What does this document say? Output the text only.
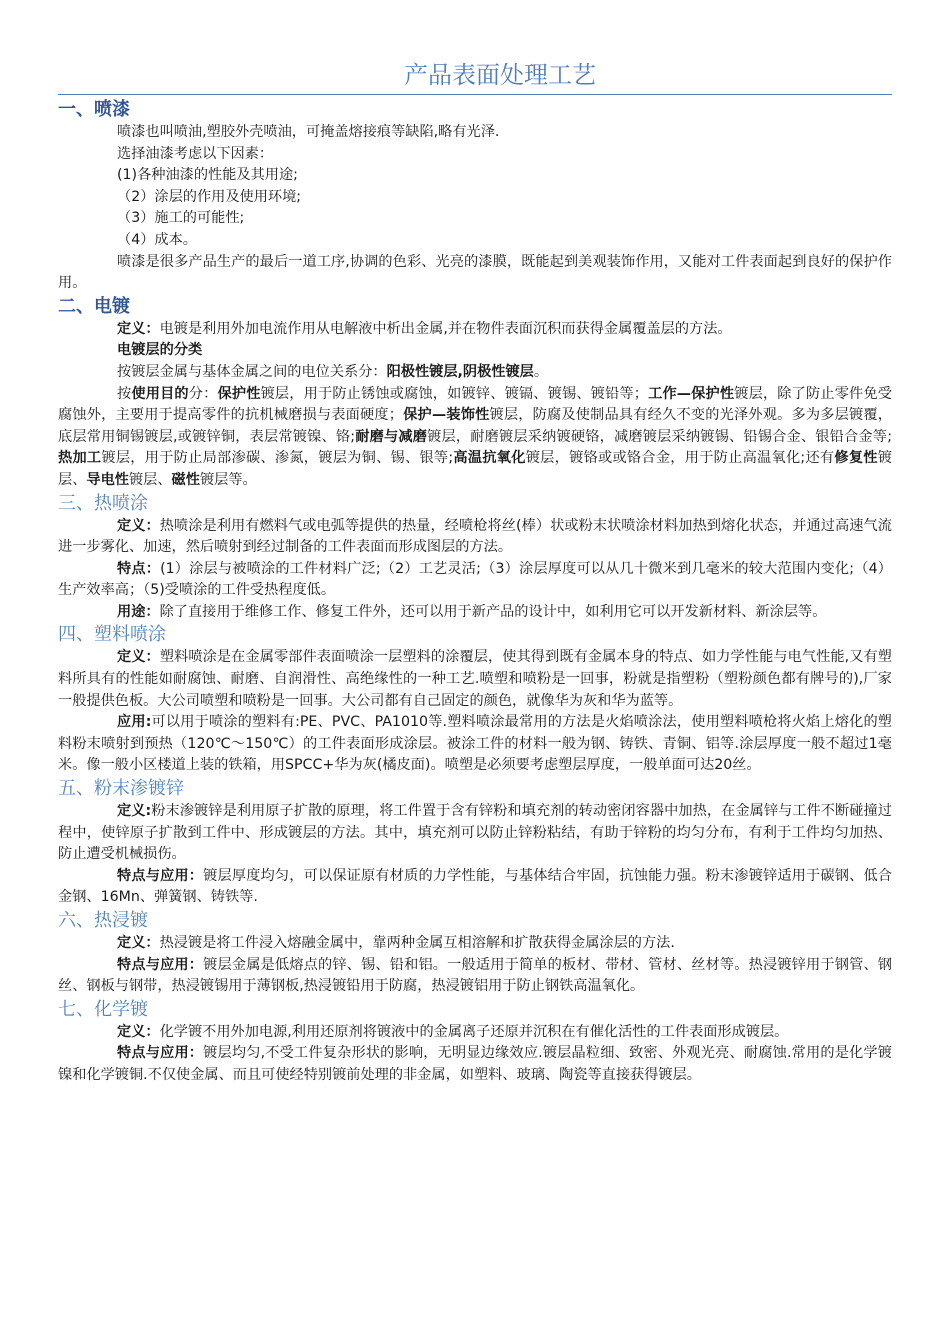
产品表面处理工艺
一、喷漆

喷漆也叫喷油,塑胶外壳喷油，可掩盖熔接痕等缺陷,略有光泽.

选择油漆考虑以下因素：

(1)各种油漆的性能及其用途;

（2）涂层的作用及使用环境;

（3）施工的可能性;

（4）成本。

喷漆是很多产品生产的最后一道工序,协调的色彩、光亮的漆膜，既能起到美观装饰作用，又能对工件表面起到良好的保护作用。

二、电镀

定义：电镀是利用外加电流作用从电解液中析出金属,并在物件表面沉积而获得金属覆盖层的方法。

电镀层的分类

按镀层金属与基体金属之间的电位关系分：阳极性镀层,阴极性镀层。

按使用目的分：保护性镀层，用于防止锈蚀或腐蚀，如镀锌、镀镉、镀锡、镀铅等；工作—保护性镀层，除了防止零件免受腐蚀外，主要用于提高零件的抗机械磨损与表面硬度；保护—装饰性镀层，防腐及使制品具有经久不变的光泽外观。多为多层镀覆，底层常用铜锡镀层,或镀锌铜，表层常镀镍、铬;耐磨与减磨镀层，耐磨镀层采纳镀硬铬，减磨镀层采纳镀锡、铅锡合金、银铅合金等;热加工镀层，用于防止局部渗碳、渗氮，镀层为铜、锡、银等;高温抗氧化镀层，镀铬或或铬合金，用于防止高温氧化;还有修复性镀层、导电性镀层、磁性镀层等。

三、热喷涂

定义：热喷涂是利用有燃料气或电弧等提供的热量，经喷枪将丝(棒）状或粉末状喷涂材料加热到熔化状态，并通过高速气流进一步雾化、加速，然后喷射到经过制备的工件表面而形成图层的方法。

特点：(1）涂层与被喷涂的工件材料广泛;（2）工艺灵活;（3）涂层厚度可以从几十微米到几毫米的较大范围内变化;（4）生产效率高；（5)受喷涂的工件受热程度低。

用途：除了直接用于维修工作、修复工件外，还可以用于新产品的设计中，如利用它可以开发新材料、新涂层等。

四、塑料喷涂

定义：塑料喷涂是在金属零部件表面喷涂一层塑料的涂覆层，使其得到既有金属本身的特点、如力学性能与电气性能,又有塑料所具有的性能如耐腐蚀、耐磨、自润滑性、高绝缘性的一种工艺.喷塑和喷粉是一回事，粉就是指塑粉（塑粉颜色都有牌号的),厂家一般提供色板。大公司喷塑和喷粉是一回事。大公司都有自己固定的颜色，就像华为灰和华为蓝等。

应用:可以用于喷涂的塑料有:PE、PVC、PA1010等.塑料喷涂最常用的方法是火焰喷涂法，使用塑料喷枪将火焰上熔化的塑料粉末喷射到预热（120℃～150℃）的工件表面形成涂层。被涂工件的材料一般为钢、铸铁、青铜、铝等.涂层厚度一般不超过1毫米。像一般小区楼道上装的铁箱，用SPCC+华为灰(橘皮面)。喷塑是必须要考虑塑层厚度，一般单面可达20丝。

五、粉末渗镀锌

定义:粉末渗镀锌是利用原子扩散的原理，将工件置于含有锌粉和填充剂的转动密闭容器中加热，在金属锌与工件不断碰撞过程中，使锌原子扩散到工件中、形成镀层的方法。其中，填充剂可以防止锌粉粘结，有助于锌粉的均匀分布，有利于工件均匀加热、防止遭受机械损伤。

特点与应用：镀层厚度均匀，可以保证原有材质的力学性能，与基体结合牢固，抗蚀能力强。粉末渗镀锌适用于碳钢、低合金钢、16Mn、弹簧钢、铸铁等.

六、热浸镀

定义：热浸镀是将工件浸入熔融金属中，靠两种金属互相溶解和扩散获得金属涂层的方法.

特点与应用：镀层金属是低熔点的锌、锡、铅和铝。一般适用于简单的板材、带材、管材、丝材等。热浸镀锌用于钢管、钢丝、钢板与钢带，热浸镀锡用于薄钢板,热浸镀铅用于防腐，热浸镀铝用于防止钢铁高温氧化。

七、化学镀

定义：化学镀不用外加电源,利用还原剂将镀液中的金属离子还原并沉积在有催化活性的工件表面形成镀层。

特点与应用：镀层均匀,不受工件复杂形状的影响，无明显边缘效应.镀层晶粒细、致密、外观光亮、耐腐蚀.常用的是化学镀镍和化学镀铜.不仅使金属、而且可使经特别镀前处理的非金属，如塑料、玻璃、陶瓷等直接获得镀层。
